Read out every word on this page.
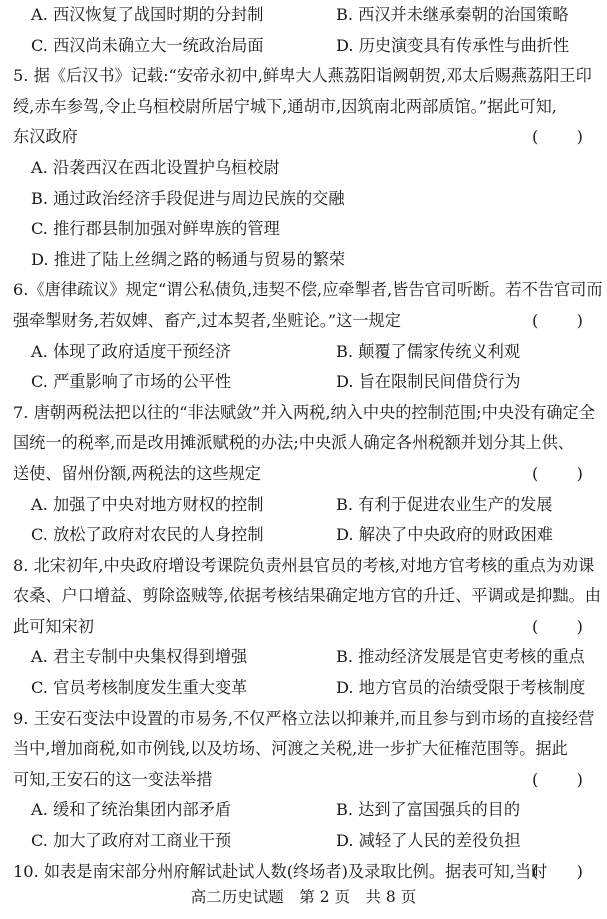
A. 西汉恢复了战国时期的分封制	B. 西汉并未继承秦朝的治国策略
C. 西汉尚未确立大一统政治局面	D. 历史演变具有传承性与曲折性
5. 据《后汉书》记载:“安帝永初中,鲜卑大人燕荔阳诣阙朝贺,邓太后赐燕荔阳王印
绶,赤车参驾,令止乌桓校尉所居宁城下,通胡市,因筑南北两部质馆。”据此可知,
东汉政府	(　　)
A. 沿袭西汉在西北设置护乌桓校尉
B. 通过政治经济手段促进与周边民族的交融
C. 推行郡县制加强对鲜卑族的管理
D. 推进了陆上丝绸之路的畅通与贸易的繁荣
6.《唐律疏议》规定“谓公私债负,违契不偿,应牵掣者,皆告官司听断。若不告官司而
强牵掣财务,若奴婢、畜产,过本契者,坐赃论。”这一规定	(　　)
A. 体现了政府适度干预经济	B. 颠覆了儒家传统义利观
C. 严重影响了市场的公平性	D. 旨在限制民间借贷行为
7. 唐朝两税法把以往的“非法赋敛”并入两税,纳入中央的控制范围;中央没有确定全
国统一的税率,而是改用摊派赋税的办法;中央派人确定各州税额并划分其上供、
送使、留州份额,两税法的这些规定	(　　)
A. 加强了中央对地方财权的控制	B. 有利于促进农业生产的发展
C. 放松了政府对农民的人身控制	D. 解决了中央政府的财政困难
8. 北宋初年,中央政府增设考课院负责州县官员的考核,对地方官考核的重点为劝课
农桑、户口增益、剪除盗贼等,依据考核结果确定地方官的升迁、平调或是抑黜。由
此可知宋初	(　　)
A. 君主专制中央集权得到增强	B. 推动经济发展是官吏考核的重点
C. 官员考核制度发生重大变革	D. 地方官员的治绩受限于考核制度
9. 王安石变法中设置的市易务,不仅严格立法以抑兼并,而且参与到市场的直接经营
当中,增加商税,如市例钱,以及坊场、河渡之关税,进一步扩大征榷范围等。据此
可知,王安石的这一变法举措	(　　)
A. 缓和了统治集团内部矛盾	B. 达到了富国强兵的目的
C. 加大了政府对工商业干预	D. 减轻了人民的差役负担
10. 如表是南宋部分州府解试赴试人数(终场者)及录取比例。据表可知,当时
(　　)
高二历史试题　第 2 页　共 8 页
